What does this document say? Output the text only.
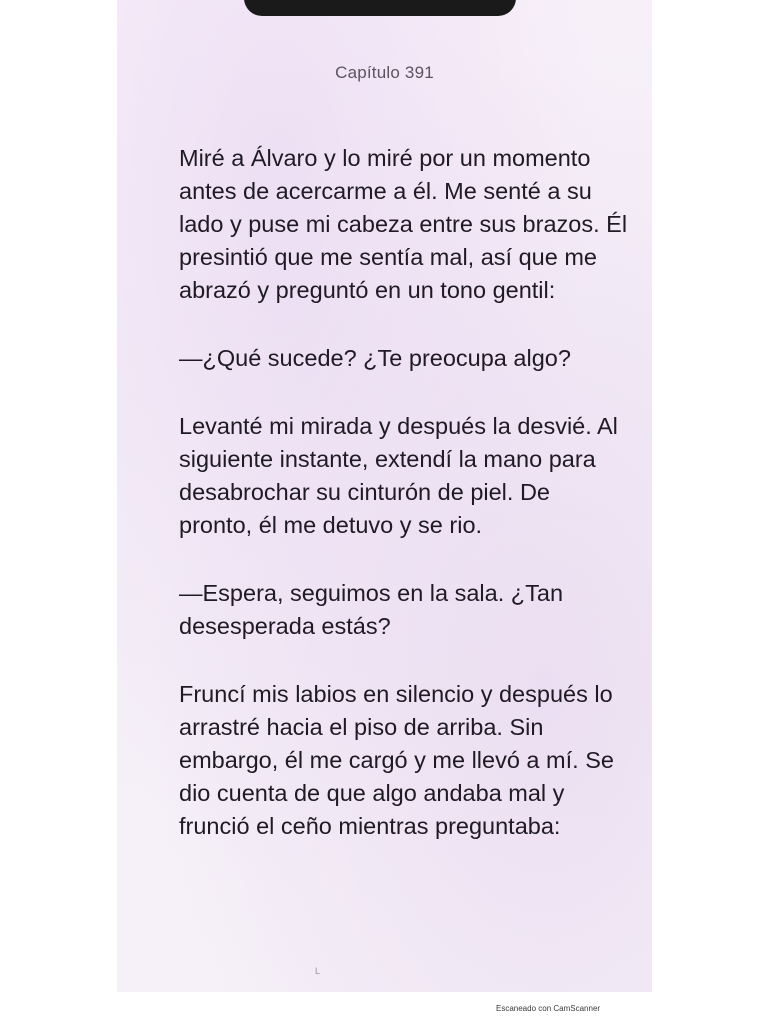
Capítulo 391

Miré a Álvaro y lo miré por un momento antes de acercarme a él. Me senté a su lado y puse mi cabeza entre sus brazos. Él presintió que me sentía mal, así que me abrazó y preguntó en un tono gentil:

—¿Qué sucede? ¿Te preocupa algo?

Levanté mi mirada y después la desvié. Al siguiente instante, extendí la mano para desabrochar su cinturón de piel. De pronto, él me detuvo y se rio.

—Espera, seguimos en la sala. ¿Tan desesperada estás?

Fruncí mis labios en silencio y después lo arrastré hacia el piso de arriba. Sin embargo, él me cargó y me llevó a mí. Se dio cuenta de que algo andaba mal y frunció el ceño mientras preguntaba:

L
Escaneado con CamScanner
